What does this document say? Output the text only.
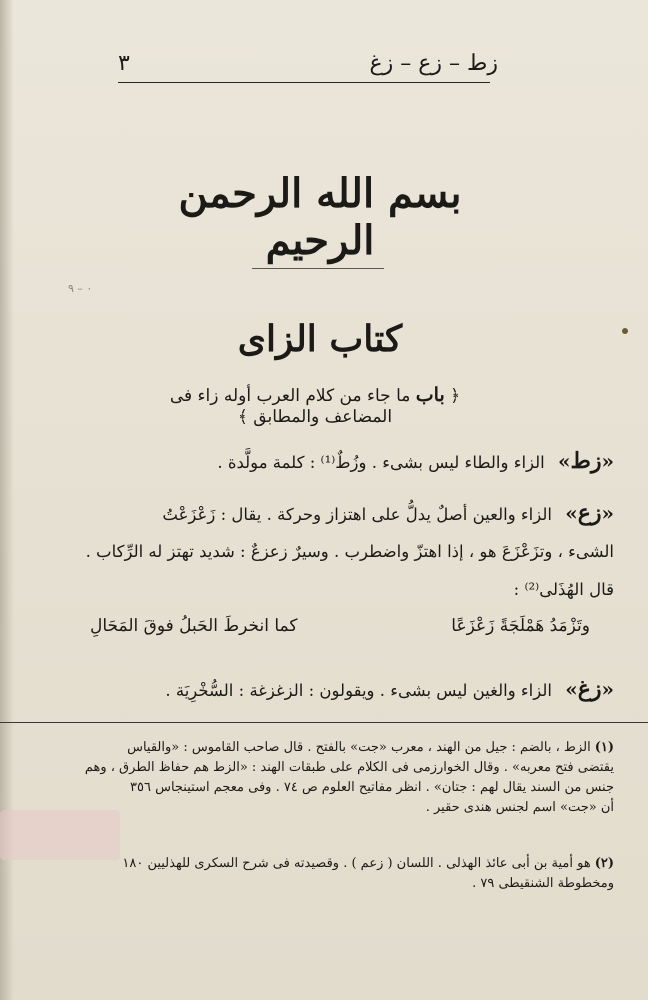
زط – زع – زغ
٣
بسم الله الرحمن الرحيم
٠ – ٩
كتاب الزاى
﴿ باب ما جاء من كلام العرب أوله زاء فى المضاعف والمطابق ﴾
« زط » الزاء والطاء ليس بشىء . وزُطٌ⁽¹⁾ : كلمة مولَّدة .
« زع » الزاء والعين أصلٌ يدلُّ على اهتزاز وحركة . يقال : زَعْزَعْتُ
الشىء ، وتزَعْزَعَ هو ، إذا اهتزّ واضطرب . وسيرٌ زعزعٌ : شديد تهتز له الرِّكاب .
قال الهُذَلى⁽²⁾ :
وتَزْمَدُ هَمْلَجَةً زَعْزَعًا
كما انخرطَ الحَبلُ فوقَ المَحَالِ
« زغ » الزاء والغين ليس بشىء . ويقولون : الزغزغة : السُّخْرِيَة .
(١)الزط ، بالضم : جيل من الهند ، معرب «جت» بالفتح . قال صاحب القاموس : «والقياس
يقتضى فتح معربه» . وقال الخوارزمى فى الكلام على طبقات الهند : «الزط هم حفاظ الطرق ، وهم
جنس من السند يقال لهم : جتان» . انظر مفاتيح العلوم ص ٧٤ . وفى معجم استينجاس ٣٥٦
أن «جت» اسم لجنس هندى حقير .
(٢)هو أمية بن أبى عائذ الهذلى . اللسان ( زعم ) . وقصيدته فى شرح السكرى للهذليين ١٨٠
ومخطوطة الشنقيطى ٧٩ .
